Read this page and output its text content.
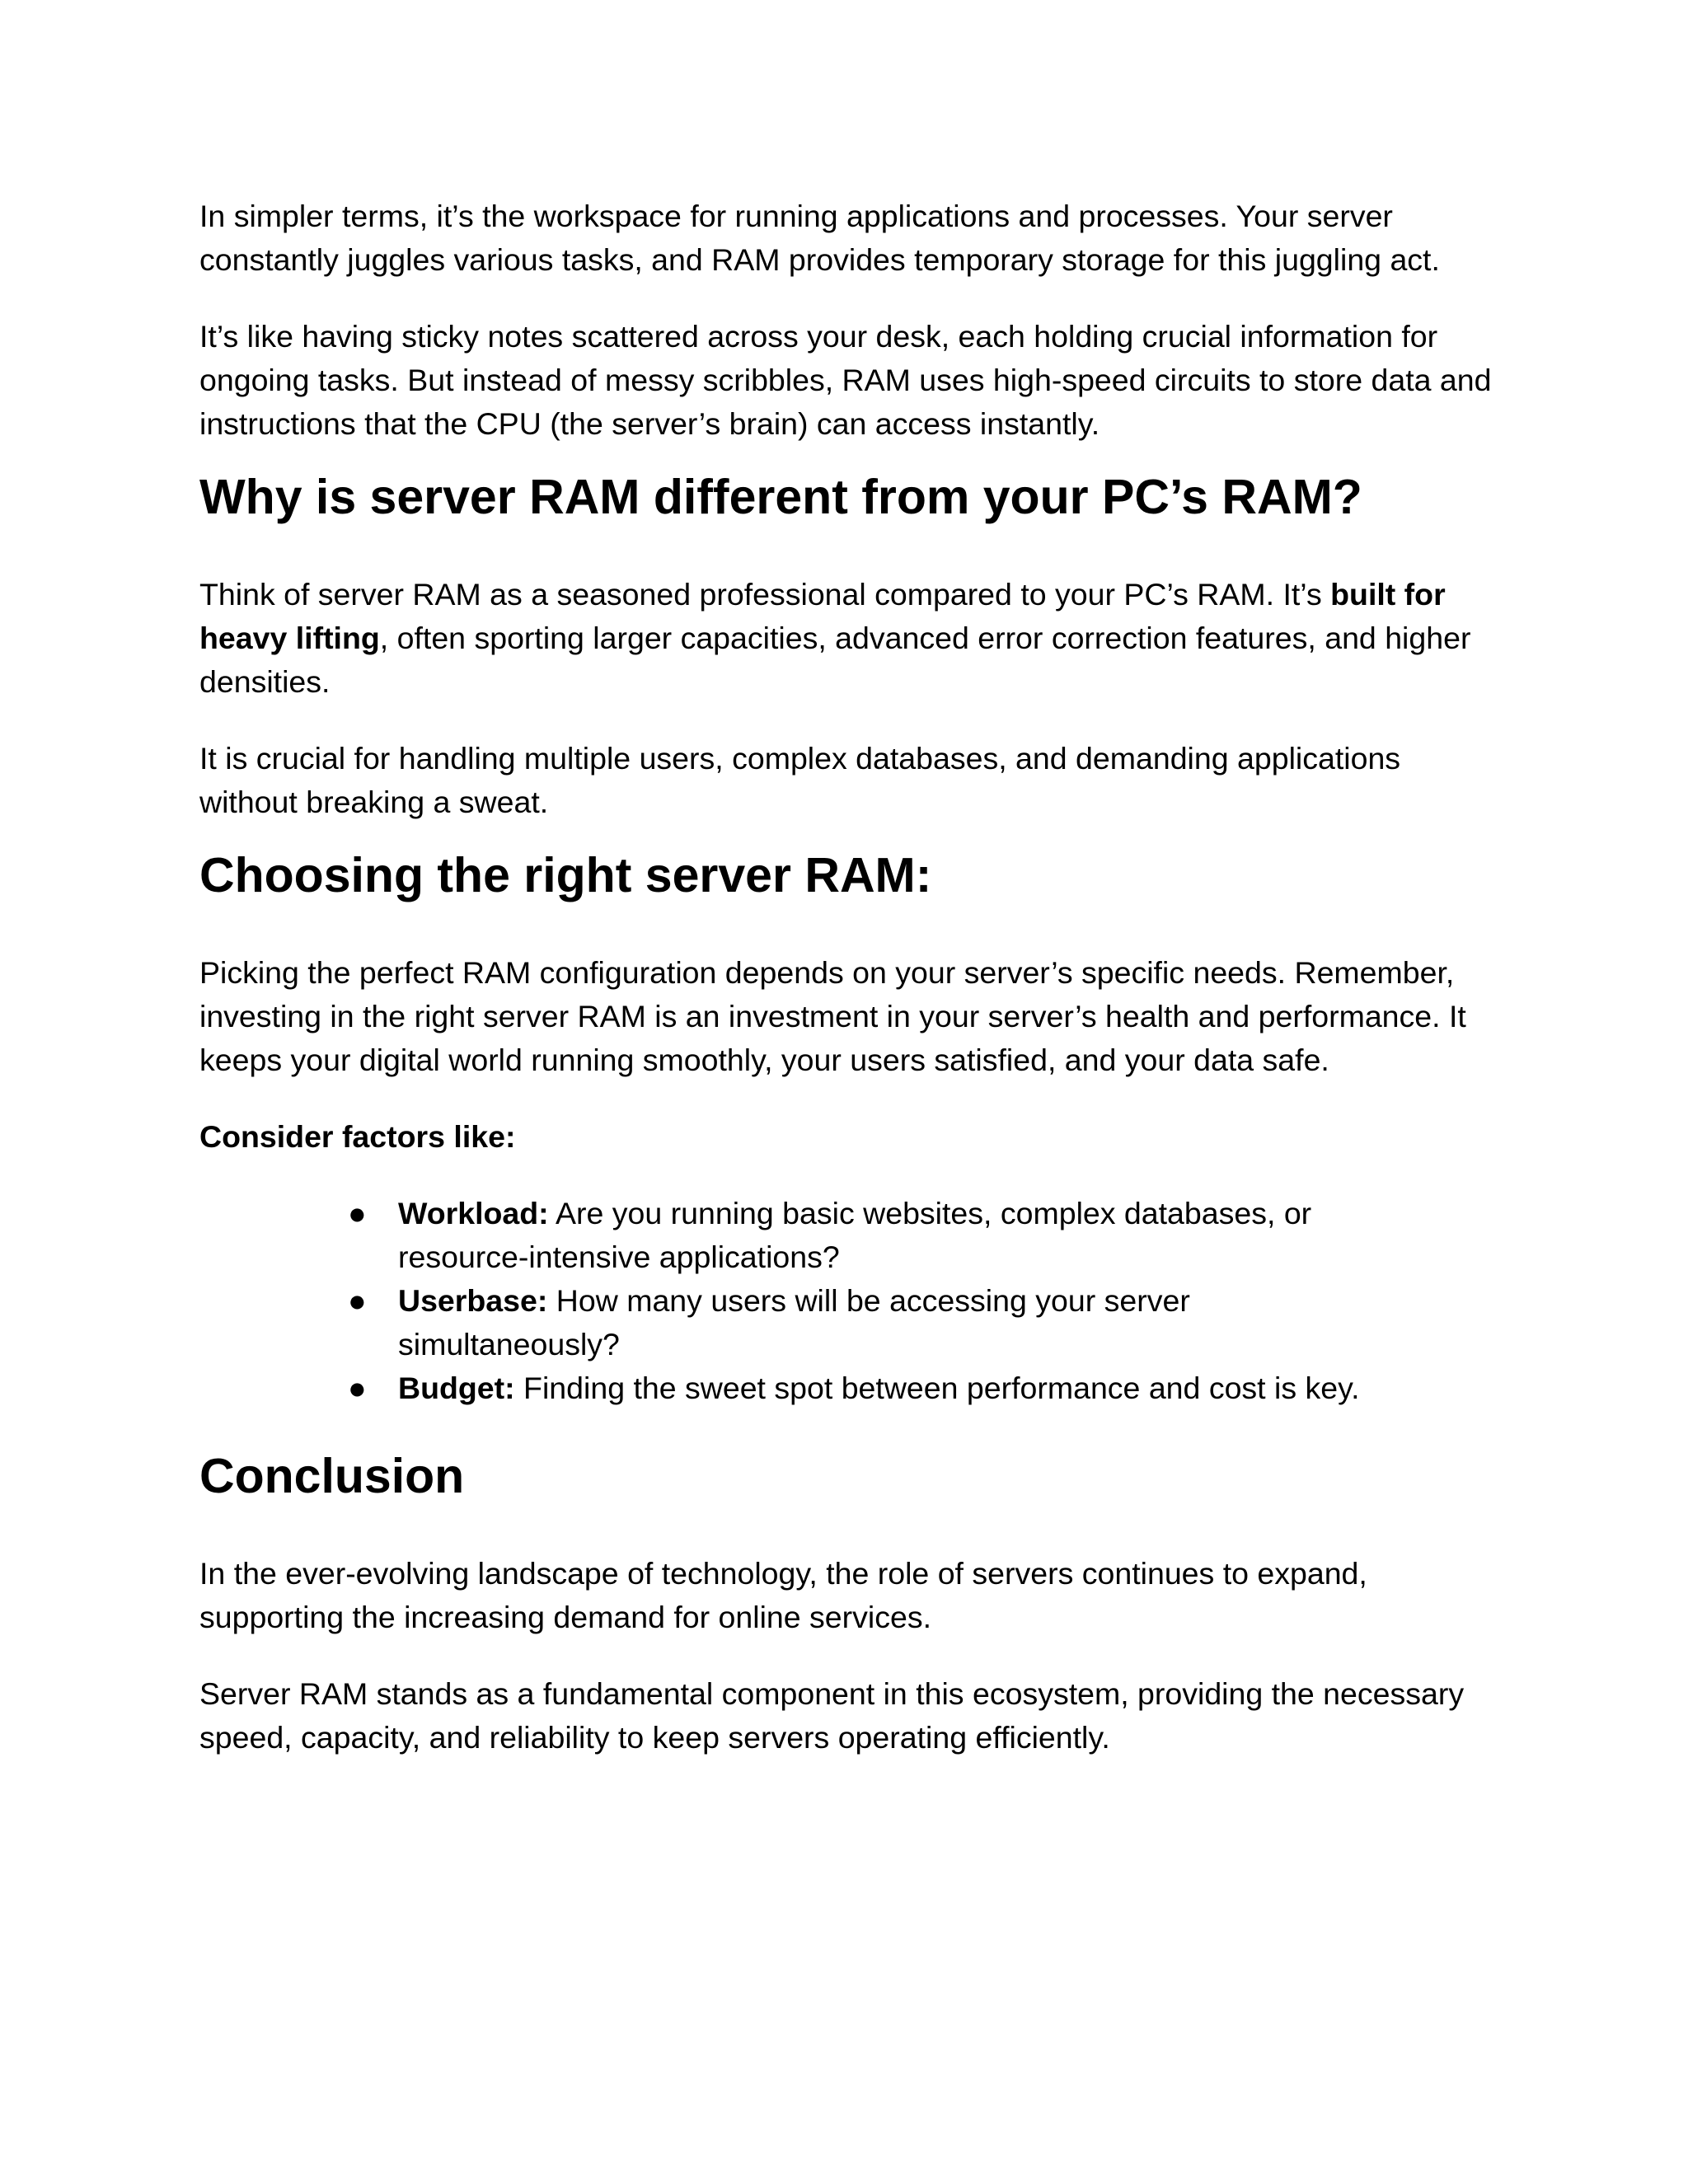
In simpler terms, it’s the workspace for running applications and processes. Your server constantly juggles various tasks, and RAM provides temporary storage for this juggling act.

It’s like having sticky notes scattered across your desk, each holding crucial information for ongoing tasks. But instead of messy scribbles, RAM uses high-speed circuits to store data and instructions that the CPU (the server’s brain) can access instantly.

Why is server RAM different from your PC’s RAM?

Think of server RAM as a seasoned professional compared to your PC’s RAM. It’s built for heavy lifting, often sporting larger capacities, advanced error correction features, and higher densities.

It is crucial for handling multiple users, complex databases, and demanding applications without breaking a sweat.

Choosing the right server RAM:

Picking the perfect RAM configuration depends on your server’s specific needs. Remember, investing in the right server RAM is an investment in your server’s health and performance. It keeps your digital world running smoothly, your users satisfied, and your data safe.

Consider factors like:

●	Workload: Are you running basic websites, complex databases, or resource-intensive applications?
●	Userbase: How many users will be accessing your server simultaneously?
●	Budget: Finding the sweet spot between performance and cost is key.
Conclusion

In the ever-evolving landscape of technology, the role of servers continues to expand, supporting the increasing demand for online services.

Server RAM stands as a fundamental component in this ecosystem, providing the necessary speed, capacity, and reliability to keep servers operating efficiently.
